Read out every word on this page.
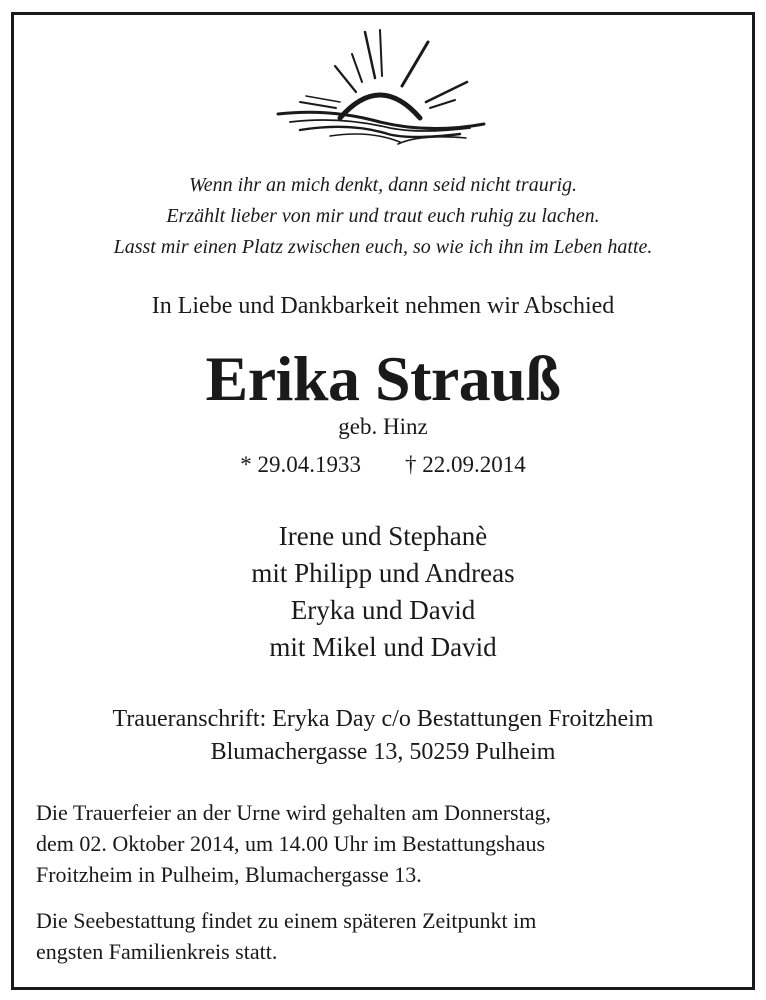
Wenn ihr an mich denkt, dann seid nicht traurig.
Erzählt lieber von mir und traut euch ruhig zu lachen.
Lasst mir einen Platz zwischen euch, so wie ich ihn im Leben hatte.
In Liebe und Dankbarkeit nehmen wir Abschied
Erika Strauß
geb. Hinz
* 29.04.1933 † 22.09.2014
Irene und Stephanè
mit Philipp und Andreas
Eryka und David
mit Mikel und David
Traueranschrift: Eryka Day c/o Bestattungen Froitzheim
Blumachergasse 13, 50259 Pulheim
Die Trauerfeier an der Urne wird gehalten am Donnerstag,
dem 02. Oktober 2014, um 14.00 Uhr im Bestattungshaus
Froitzheim in Pulheim, Blumachergasse 13.
Die Seebestattung findet zu einem späteren Zeitpunkt im
engsten Familienkreis statt.
